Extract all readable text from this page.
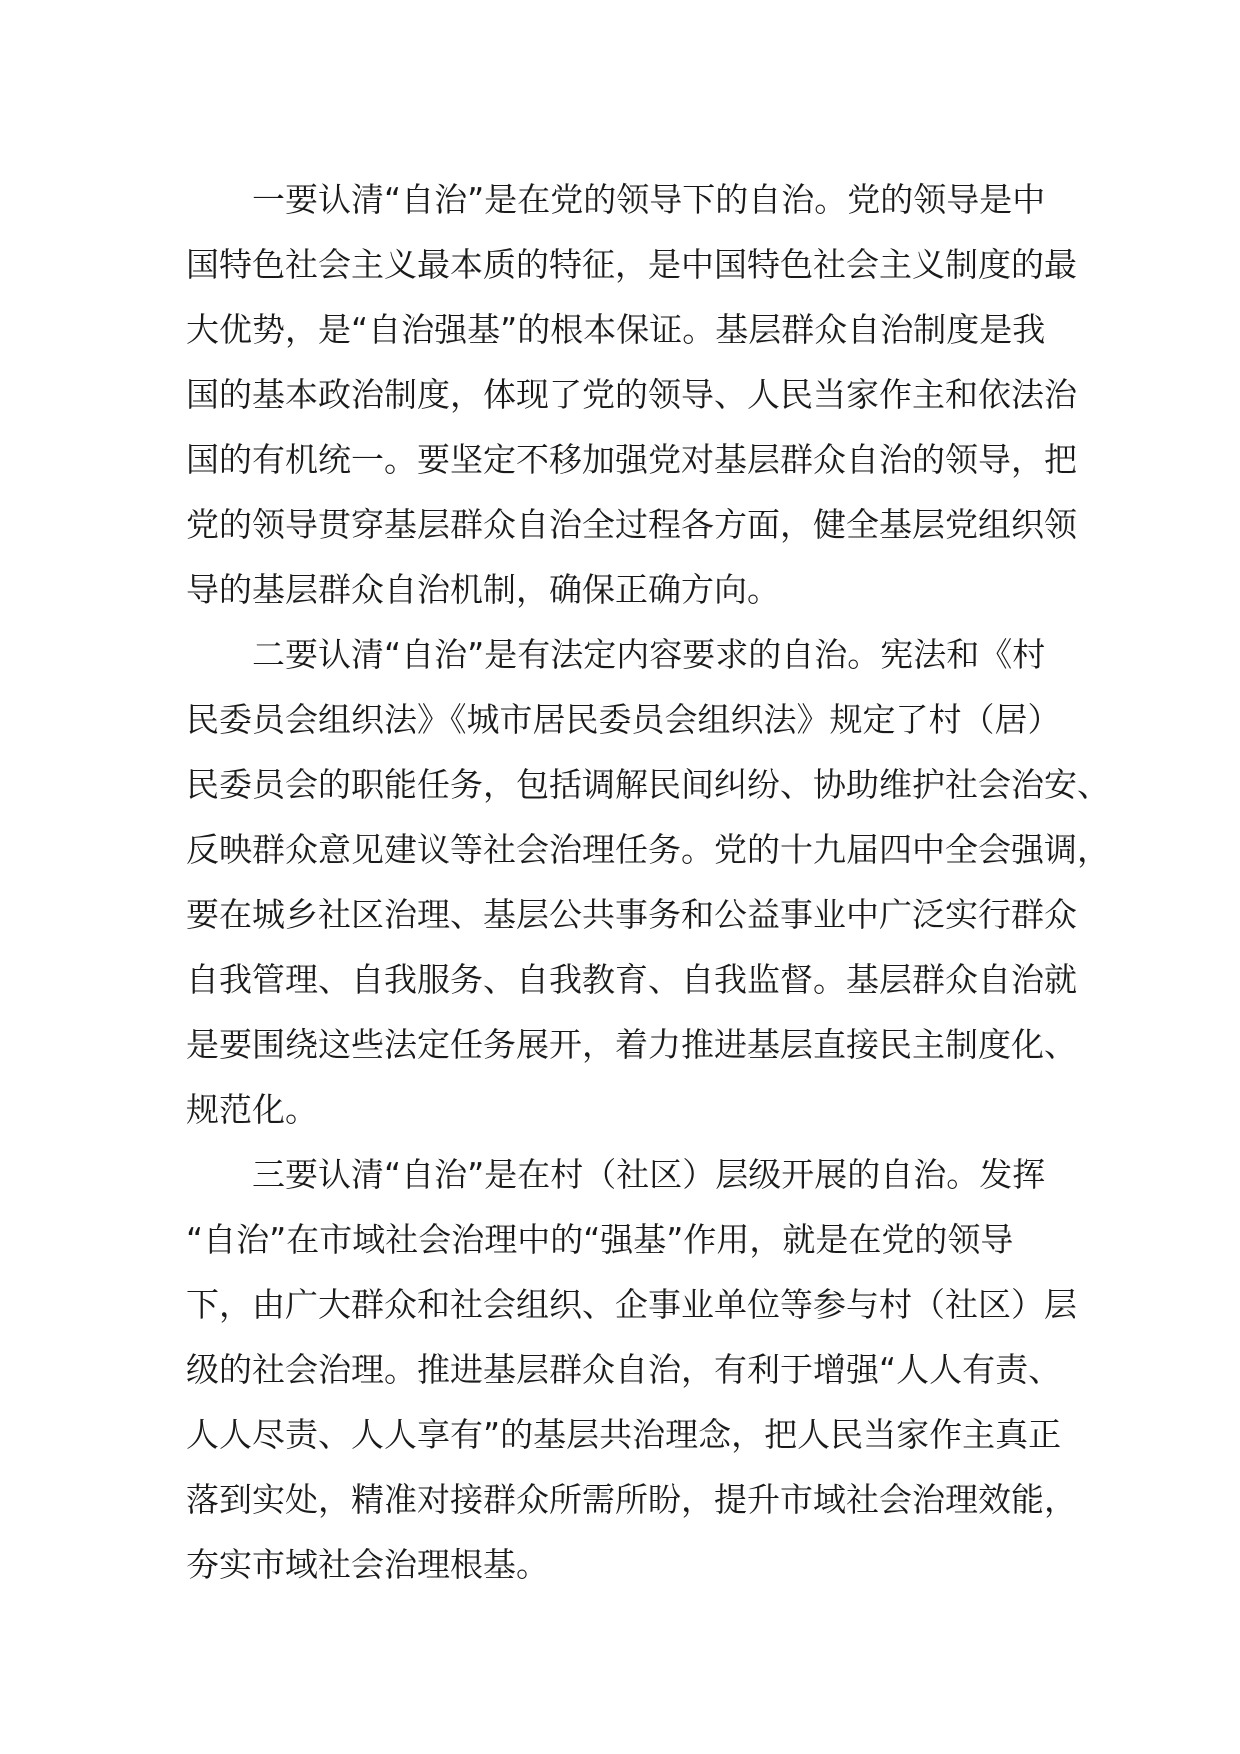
一要认清“自治”是在党的领导下的自治。党的领导是中
国特色社会主义最本质的特征，是中国特色社会主义制度的最
大优势，是“自治强基”的根本保证。基层群众自治制度是我
国的基本政治制度，体现了党的领导、人民当家作主和依法治
国的有机统一。要坚定不移加强党对基层群众自治的领导，把
党的领导贯穿基层群众自治全过程各方面，健全基层党组织领
导的基层群众自治机制，确保正确方向。
二要认清“自治”是有法定内容要求的自治。宪法和《村
民委员会组织法》《城市居民委员会组织法》规定了村（居）
民委员会的职能任务，包括调解民间纠纷、协助维护社会治安、
反映群众意见建议等社会治理任务。党的十九届四中全会强调，
要在城乡社区治理、基层公共事务和公益事业中广泛实行群众
自我管理、自我服务、自我教育、自我监督。基层群众自治就
是要围绕这些法定任务展开，着力推进基层直接民主制度化、
规范化。
三要认清“自治”是在村（社区）层级开展的自治。发挥
“自治”在市域社会治理中的“强基”作用，就是在党的领导
下，由广大群众和社会组织、企事业单位等参与村（社区）层
级的社会治理。推进基层群众自治，有利于增强“人人有责、
人人尽责、人人享有”的基层共治理念，把人民当家作主真正
落到实处，精准对接群众所需所盼，提升市域社会治理效能，
夯实市域社会治理根基。
